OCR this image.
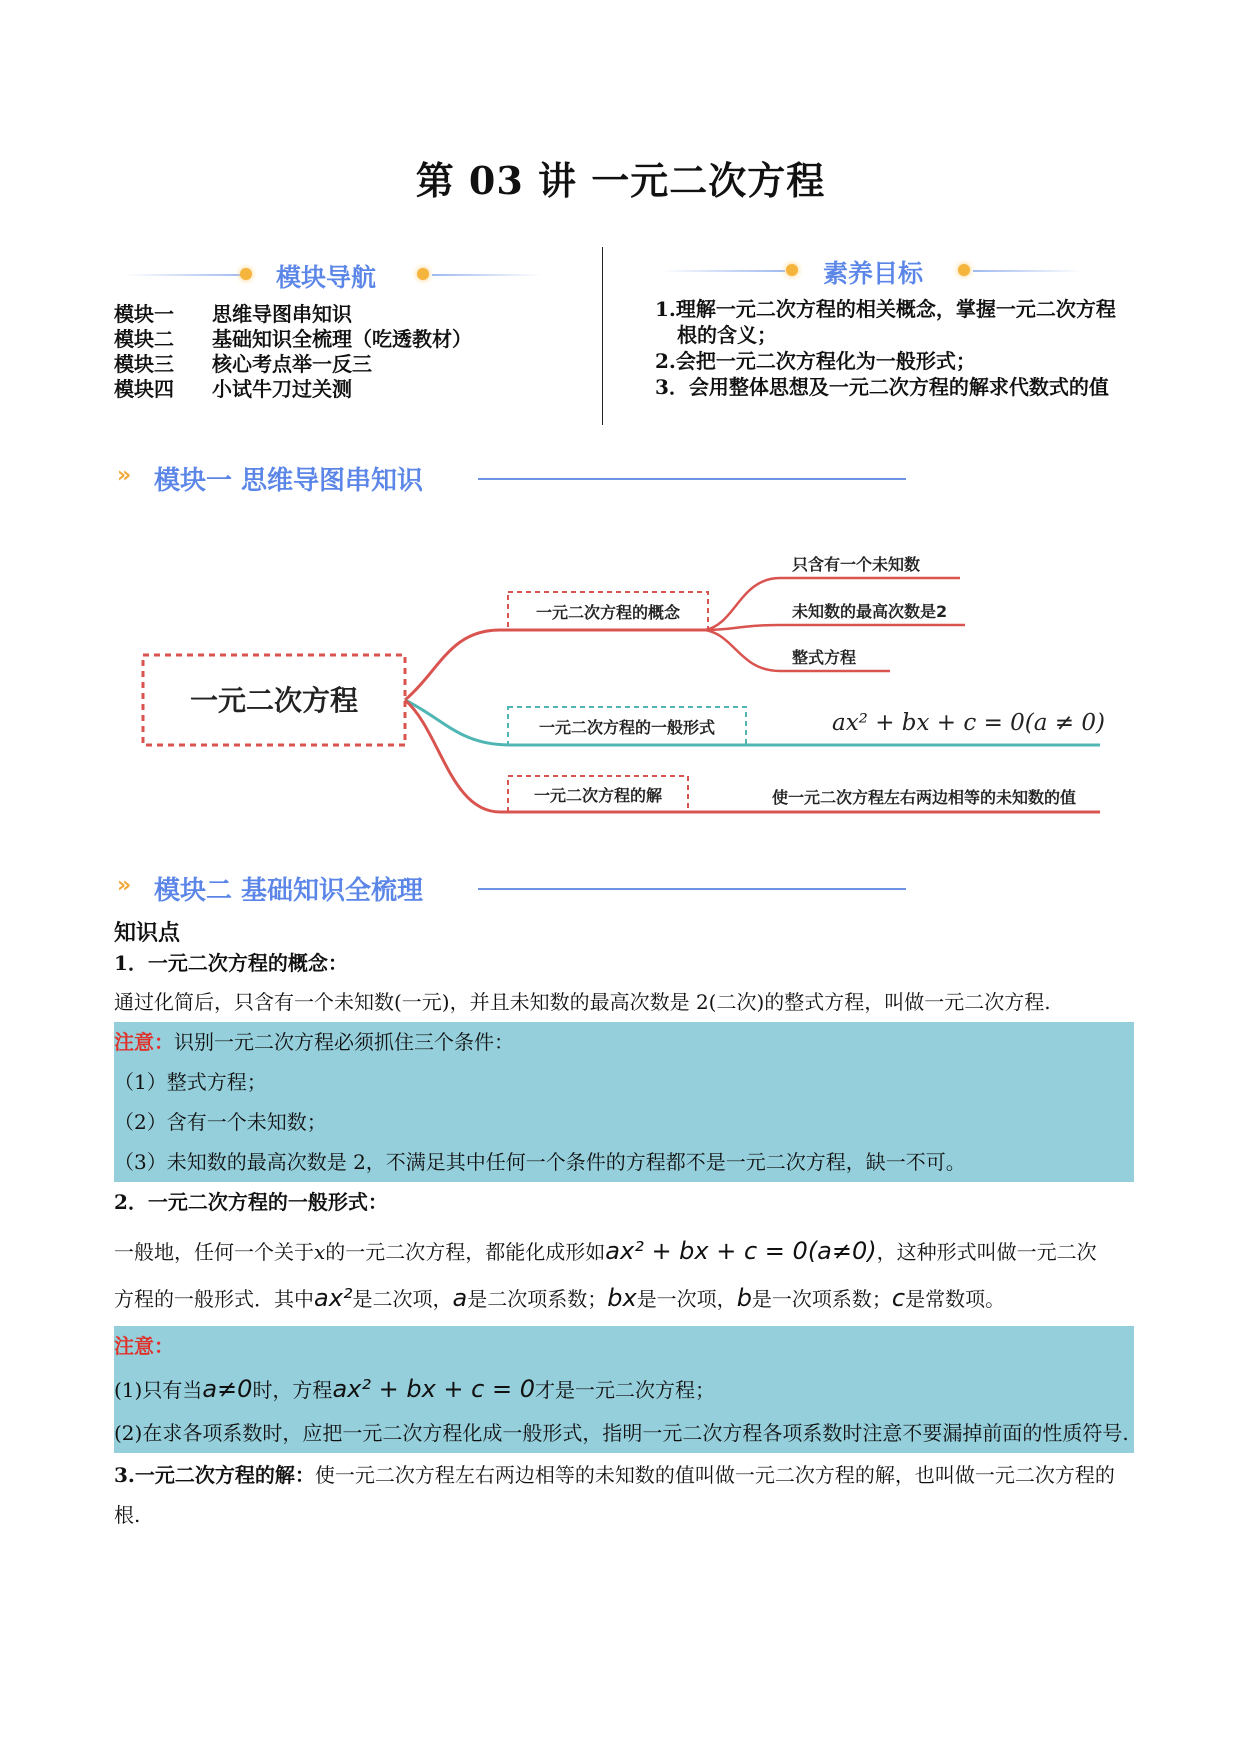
第 03 讲 一元二次方程
模块导航
模块一 思维导图串知识
模块二 基础知识全梳理（吃透教材）
模块三 核心考点举一反三
模块四 小试牛刀过关测
素养目标
1.理解一元二次方程的相关概念，掌握一元二次方程根的含义；
2.会把一元二次方程化为一般形式；
3．会用整体思想及一元二次方程的解求代数式的值
» 模块一 思维导图串知识
一元二次方程
一元二次方程的概念
一元二次方程的一般形式
一元二次方程的解
只含有一个未知数
未知数的最高次数是2
整式方程
ax² + bx + c = 0(a ≠ 0)
使一元二次方程左右两边相等的未知数的值
» 模块二 基础知识全梳理
知识点
1．一元二次方程的概念：
通过化简后，只含有一个未知数(一元)，并且未知数的最高次数是 2(二次)的整式方程，叫做一元二次方程.
注意：识别一元二次方程必须抓住三个条件：
（1）整式方程；
（2）含有一个未知数；
（3）未知数的最高次数是 2，不满足其中任何一个条件的方程都不是一元二次方程，缺一不可。
2．一元二次方程的一般形式：
一般地，任何一个关于x的一元二次方程，都能化成形如ax² + bx + c = 0(a≠0)，这种形式叫做一元二次
方程的一般形式．其中ax²是二次项，a是二次项系数；bx是一次项，b是一次项系数；c是常数项。
注意：
(1)只有当a≠0时，方程ax² + bx + c = 0才是一元二次方程；
(2)在求各项系数时，应把一元二次方程化成一般形式，指明一元二次方程各项系数时注意不要漏掉前面的性质符号.
3.一元二次方程的解：使一元二次方程左右两边相等的未知数的值叫做一元二次方程的解，也叫做一元二次方程的根.
